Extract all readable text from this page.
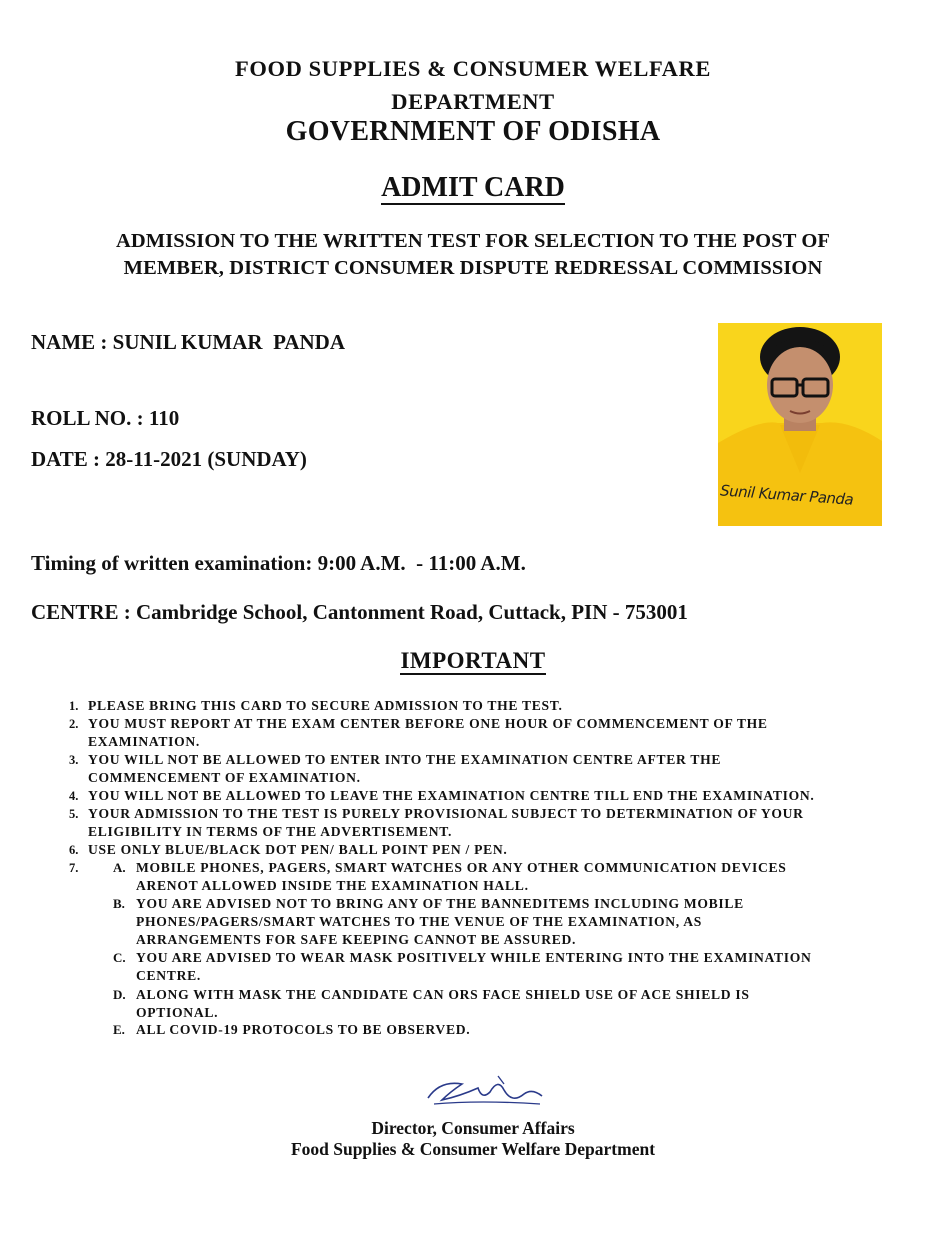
FOOD SUPPLIES & CONSUMER WELFARE
DEPARTMENT
GOVERNMENT OF ODISHA
ADMIT CARD
ADMISSION TO THE WRITTEN TEST FOR SELECTION TO THE POST OF
MEMBER, DISTRICT CONSUMER DISPUTE REDRESSAL COMMISSION
NAME : SUNIL KUMAR  PANDA
ROLL NO. : 110
DATE : 28-11-2021 (SUNDAY)
Sunil Kumar Panda
Timing of written examination: 9:00 A.M.  - 11:00 A.M.
CENTRE : Cambridge School, Cantonment Road, Cuttack, PIN - 753001
IMPORTANT
1. PLEASE BRING THIS CARD TO SECURE ADMISSION TO THE TEST.
2. YOU MUST REPORT AT THE EXAM CENTER BEFORE ONE HOUR OF COMMENCEMENT OF THE
EXAMINATION.
3. YOU WILL NOT BE ALLOWED TO ENTER INTO THE EXAMINATION CENTRE AFTER THE
COMMENCEMENT OF EXAMINATION.
4. YOU WILL NOT BE ALLOWED TO LEAVE THE EXAMINATION CENTRE TILL END THE EXAMINATION.
5. YOUR ADMISSION TO THE TEST IS PURELY PROVISIONAL SUBJECT TO DETERMINATION OF YOUR
ELIGIBILITY IN TERMS OF THE ADVERTISEMENT.
6. USE ONLY BLUE/BLACK DOT PEN/ BALL POINT PEN / PEN.
7.	A. MOBILE PHONES, PAGERS, SMART WATCHES OR ANY OTHER COMMUNICATION DEVICES
ARENOT ALLOWED INSIDE THE EXAMINATION HALL.
B. YOU ARE ADVISED NOT TO BRING ANY OF THE BANNEDITEMS INCLUDING MOBILE
PHONES/PAGERS/SMART WATCHES TO THE VENUE OF THE EXAMINATION, AS
ARRANGEMENTS FOR SAFE KEEPING CANNOT BE ASSURED.
C. YOU ARE ADVISED TO WEAR MASK POSITIVELY WHILE ENTERING INTO THE EXAMINATION
CENTRE.
D. ALONG WITH MASK THE CANDIDATE CAN ORS FACE SHIELD USE OF ACE SHIELD IS
OPTIONAL.
E. ALL COVID-19 PROTOCOLS TO BE OBSERVED.
Director, Consumer Affairs
Food Supplies & Consumer Welfare Department
